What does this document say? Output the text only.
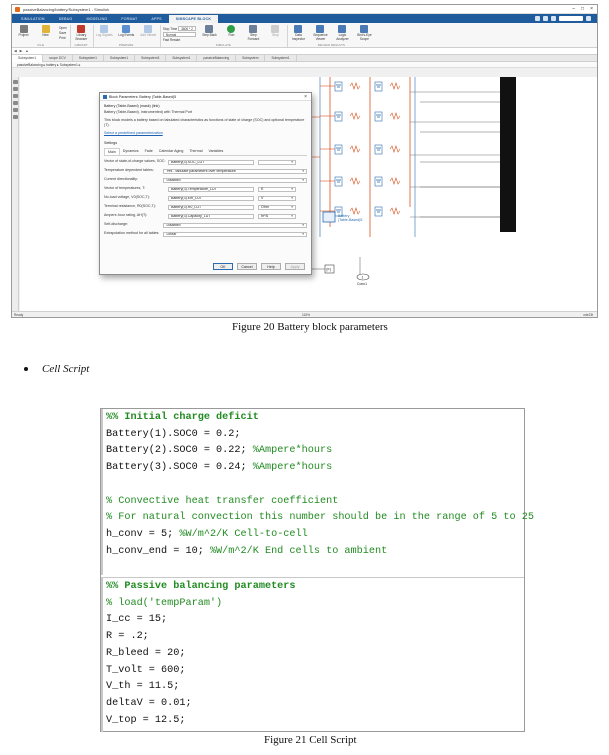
passiveBalancing/battery/Subsystem1 - Simulink	– □ ×
SIMULATION	DEBUG	MODELING	FORMAT	APPS	SIMSCAPE BLOCK
Project	New
Open
Save
Print
FILE
Library Browser
LIBRARY
Log Signals Log Events Add Viewer
PREPARE
Stop Time 3600 * 2
Normal
Fast Restart
Step Back	Run	Step Forward
Stop
SIMULATE
Data Inspector
Sequence Viewer
Logic Analyzer
Bird's-Eye Scope
REVIEW RESULTS
◀ ▶ ▲
Subsystem1	scope DCV	Subsystem1	Subsystem1	Subsystem3	Subsystem1	passiveBalancing	Subsystem	Subsystem1
passiveBalancing ▸ battery ▸ Subsystem1 ▸
Battery (Table-Based)5
[F]
1
Conn1
Block Parameters: Battery (Table-Based)5	×
Battery (Table-Based) (mask) (link)
Battery (Table-Based), Instrumented) with Thermal Port
This block models a battery based on tabulated characteristics as functions of state of charge (SOC) and optional temperature (T).
Select a predefined parameterization
Settings
Main	Dynamics	Fade	Calendar Aging	Thermal	Variables
Vector of state-of-charge values, SOC:	Battery(3).SOC_LUT	▾
Temperature dependent tables:	Yes - tabulate parameters over temperature	▾
Current directionality:	Disabled	▾
Vector of temperatures, T:	Battery(3).Temperature_LUT	K	▾
No-load voltage, V0(SOC,T):	Battery(3).Em_LUT	V	▾
Terminal resistance, R0(SOC,T):	Battery(3).R0_LUT	Ohm	▾
Ampere-hour rating, AH(T):	Battery(3).Capacity_LUT	hr*A	▾
Self-discharge:	Disabled	▾
Extrapolation method for all tables:	Linear	▾
OK	Cancel	Help	Apply
Ready	115%	ode23t
Figure 20 Battery block parameters
Cell Script
%% Initial charge deficit
Battery(1).SOC0 = 0.2;
Battery(2).SOC0 = 0.22; %Ampere*hours
Battery(3).SOC0 = 0.24; %Ampere*hours

% Convective heat transfer coefficient
% For natural convection this number should be in the range of 5 to 25
h_conv = 5; %W/m^2/K Cell-to-cell
h_conv_end = 10; %W/m^2/K End cells to ambient
%% Passive balancing parameters
% load('tempParam')
I_cc = 15;
R = .2;
R_bleed = 20;
T_volt = 600;
V_th = 11.5;
deltaV = 0.01;
V_top = 12.5;
Figure 21 Cell Script
